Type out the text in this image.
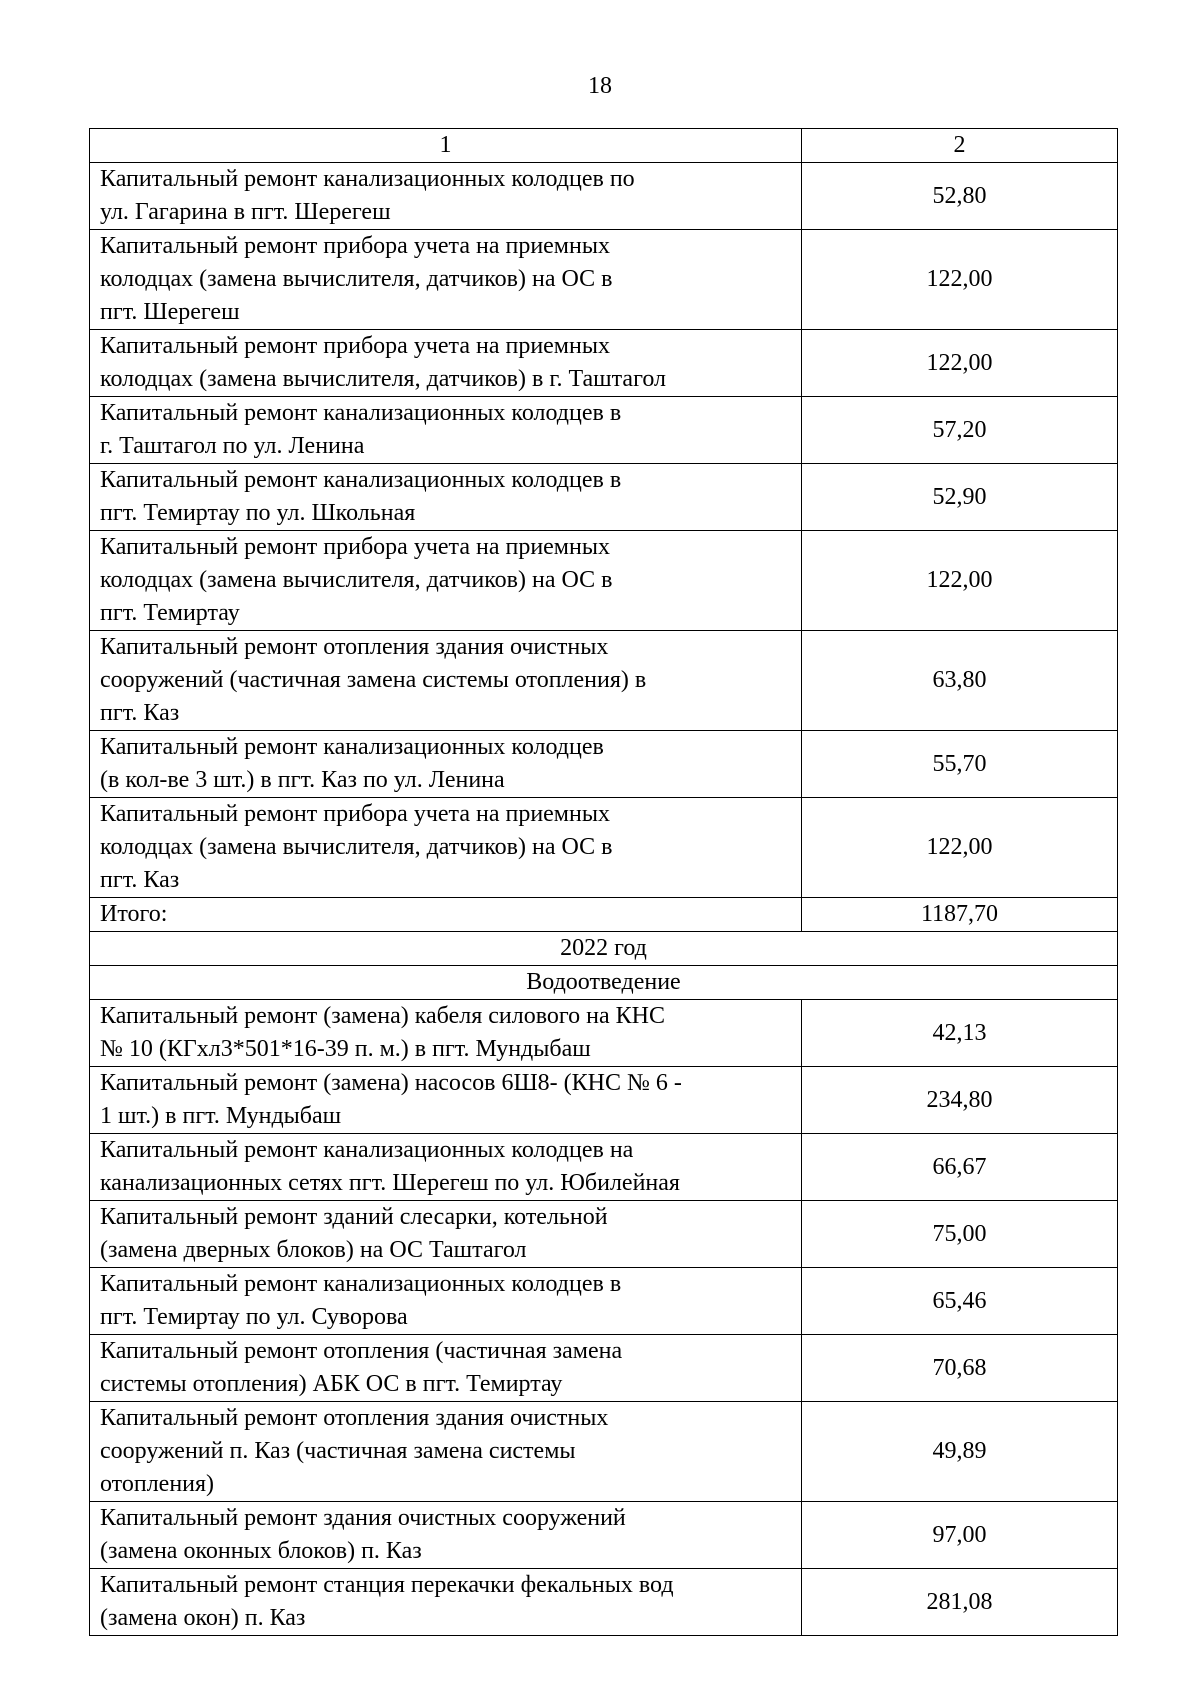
18
1	2

Капитальный ремонт канализационных колодцев по
ул. Гагарина в пгт. Шерегеш	52,80

Капитальный ремонт прибора учета на приемных
колодцах (замена вычислителя, датчиков) на ОС в
пгт. Шерегеш	122,00

Капитальный ремонт прибора учета на приемных
колодцах (замена вычислителя, датчиков) в г. Таштагол	122,00

Капитальный ремонт канализационных колодцев в
г. Таштагол по ул. Ленина	57,20

Капитальный ремонт канализационных колодцев в
пгт. Темиртау по ул. Школьная	52,90

Капитальный ремонт прибора учета на приемных
колодцах (замена вычислителя, датчиков) на ОС в
пгт. Темиртау	122,00

Капитальный ремонт отопления здания очистных
сооружений (частичная замена системы отопления) в
пгт. Каз	63,80

Капитальный ремонт канализационных колодцев
(в кол-ве 3 шт.) в пгт. Каз по ул. Ленина	55,70

Капитальный ремонт прибора учета на приемных
колодцах (замена вычислителя, датчиков) на ОС в
пгт. Каз	122,00
Итого:	1187,70
2022 год	
Водоотведение	

Капитальный ремонт (замена) кабеля силового на КНС
№ 10 (КГхл3*501*16-39 п. м.) в пгт. Мундыбаш	42,13

Капитальный ремонт (замена) насосов 6Ш8- (КНС № 6 -
1 шт.) в пгт. Мундыбаш	234,80

Капитальный ремонт канализационных колодцев на
канализационных сетях пгт. Шерегеш по ул. Юбилейная	66,67

Капитальный ремонт зданий слесарки, котельной
(замена дверных блоков) на ОС Таштагол	75,00

Капитальный ремонт канализационных колодцев в
пгт. Темиртау по ул. Суворова	65,46

Капитальный ремонт отопления (частичная замена
системы отопления) АБК ОС в пгт. Темиртау	70,68

Капитальный ремонт отопления здания очистных
сооружений п. Каз (частичная замена системы
отопления)	49,89

Капитальный ремонт здания очистных сооружений
(замена оконных блоков) п. Каз	97,00

Капитальный ремонт станция перекачки фекальных вод
(замена окон) п. Каз	281,08
